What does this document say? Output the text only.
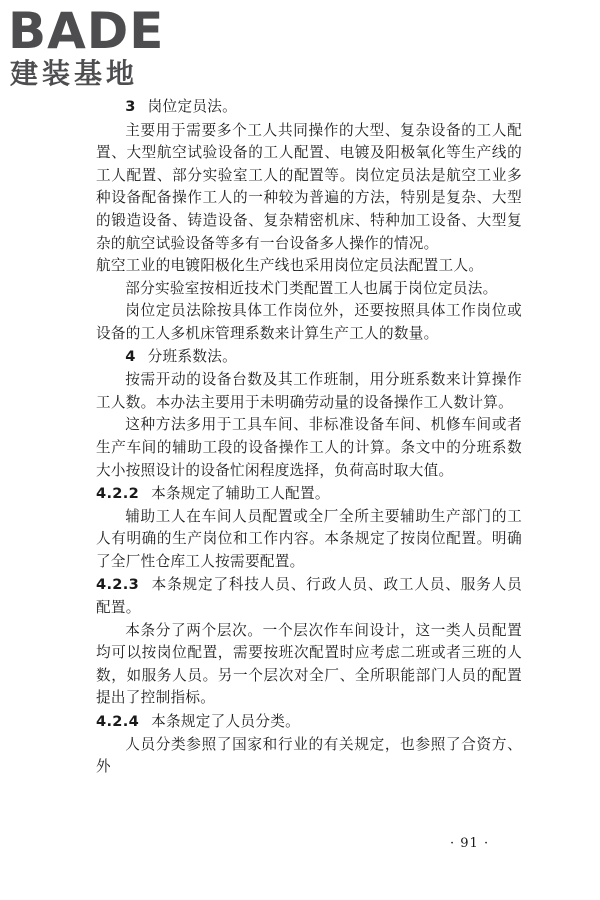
BADE
建装基地

3 岗位定员法。

主要用于需要多个工人共同操作的大型、复杂设备的工人配置、大型航空试验设备的工人配置、电镀及阳极氧化等生产线的工人配置、部分实验室工人的配置等。岗位定员法是航空工业多种设备配备操作工人的一种较为普遍的方法，特别是复杂、大型的锻造设备、铸造设备、复杂精密机床、特种加工设备、大型复杂的航空试验设备等多有一台设备多人操作的情况。

航空工业的电镀阳极化生产线也采用岗位定员法配置工人。

部分实验室按相近技术门类配置工人也属于岗位定员法。

岗位定员法除按具体工作岗位外，还要按照具体工作岗位或设备的工人多机床管理系数来计算生产工人的数量。

4 分班系数法。

按需开动的设备台数及其工作班制，用分班系数来计算操作工人数。本办法主要用于未明确劳动量的设备操作工人数计算。

这种方法多用于工具车间、非标准设备车间、机修车间或者生产车间的辅助工段的设备操作工人的计算。条文中的分班系数大小按照设计的设备忙闲程度选择，负荷高时取大值。

4.2.2 本条规定了辅助工人配置。

辅助工人在车间人员配置或全厂全所主要辅助生产部门的工人有明确的生产岗位和工作内容。本条规定了按岗位配置。明确了全厂性仓库工人按需要配置。

4.2.3 本条规定了科技人员、行政人员、政工人员、服务人员配置。

本条分了两个层次。一个层次作车间设计，这一类人员配置均可以按岗位配置，需要按班次配置时应考虑二班或者三班的人数，如服务人员。另一个层次对全厂、全所职能部门人员的配置提出了控制指标。

4.2.4 本条规定了人员分类。

人员分类参照了国家和行业的有关规定，也参照了合资方、外

· 91 ·
